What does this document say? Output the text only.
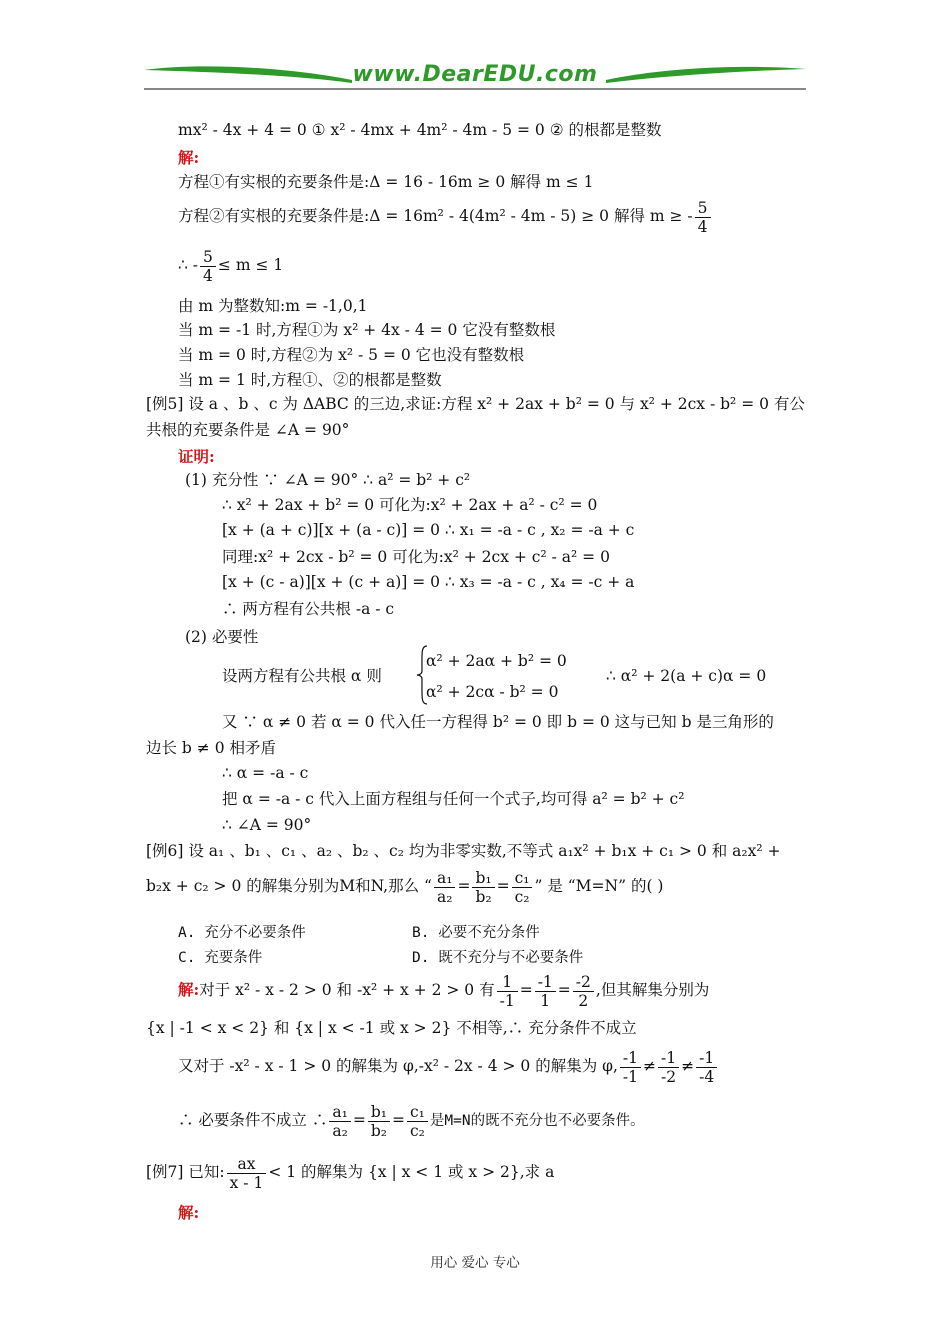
www.DearEDU.com
mx² - 4x + 4 = 0 ① x² - 4mx + 4m² - 4m - 5 = 0 ② 的根都是整数
解:
方程①有实根的充要条件是:Δ = 16 - 16m ≥ 0 解得 m ≤ 1
方程②有实根的充要条件是:Δ = 16m² - 4(4m² - 4m - 5) ≥ 0 解得 m ≥ - $\frac{5}{4}$
∴ - $\frac{5}{4} \le m \le 1$
由 m 为整数知:m = -1,0,1
当 m = -1 时,方程①为 x² + 4x - 4 = 0 它没有整数根
当 m = 0 时,方程②为 x² - 5 = 0 它也没有整数根
当 m = 1 时,方程①、②的根都是整数
[例5] 设 a 、b 、c 为 ΔABC 的三边,求证:方程 x² + 2ax + b² = 0 与 x² + 2cx - b² = 0 有公
共根的充要条件是 ∠A = 90°
证明:
(1) 充分性 ∵ ∠A = 90° ∴ a² = b² + c²
∴ x² + 2ax + b² = 0 可化为:x² + 2ax + a² - c² = 0
[x + (a + c)][x + (a - c)] = 0 ∴ x₁ = -a - c , x₂ = -a + c
同理:x² + 2cx - b² = 0 可化为:x² + 2cx + c² - a² = 0
[x + (c - a)][x + (c + a)] = 0 ∴ x₃ = -a - c , x₄ = -c + a
∴ 两方程有公共根 -a - c
(2) 必要性
设两方程有公共根 α 则
α² + 2aα + b² = 0
α² + 2cα - b² = 0
∴ α² + 2(a + c)α = 0
又 ∵ α ≠ 0 若 α = 0 代入任一方程得 b² = 0 即 b = 0 这与已知 b 是三角形的
边长 b ≠ 0 相矛盾
∴ α = -a - c
把 α = -a - c 代入上面方程组与任何一个式子,均可得 a² = b² + c²
∴ ∠A = 90°
[例6] 设 a₁ 、b₁ 、c₁ 、a₂ 、b₂ 、c₂ 均为非零实数,不等式 a₁x² + b₁x + c₁ > 0 和 a₂x² +
b₂x + c₂ > 0 的解集分别为M和N,那么 “ $\frac{\text{a₁}}{\text{a₂}} = \frac{\text{b₁}}{\text{b₂}} = \frac{\text{c₁}}{\text{c₂}}$ ” 是 “M=N” 的( )
A. 充分不必要条件	B. 必要不充分条件
C. 充要条件	D. 既不充分与不必要条件
解:对于 x² - x - 2 > 0 和 -x² + x + 2 > 0 有 $\frac{1}{-1} = \frac{-1}{1} = \frac{-2}{2}$ ,但其解集分别为
{x | -1 < x < 2} 和 {x | x < -1 或 x > 2} 不相等,∴ 充分条件不成立
又对于 -x² - x - 1 > 0 的解集为 φ,-x² - 2x - 4 > 0 的解集为 φ, $\frac{-1}{-1} \ne \frac{-1}{-2} \ne \frac{-1}{-4}$
∴ 必要条件不成立 ∴ $\frac{\text{a₁}}{\text{a₂}} = \frac{\text{b₁}}{\text{b₂}} = \frac{\text{c₁}}{\text{c₂}}$ 是M=N的既不充分也不必要条件。
[例7] 已知: $\frac{ax}{x - 1} < 1$ 的解集为 {x | x < 1 或 x > 2},求 a
解:
用心 爱心 专心
